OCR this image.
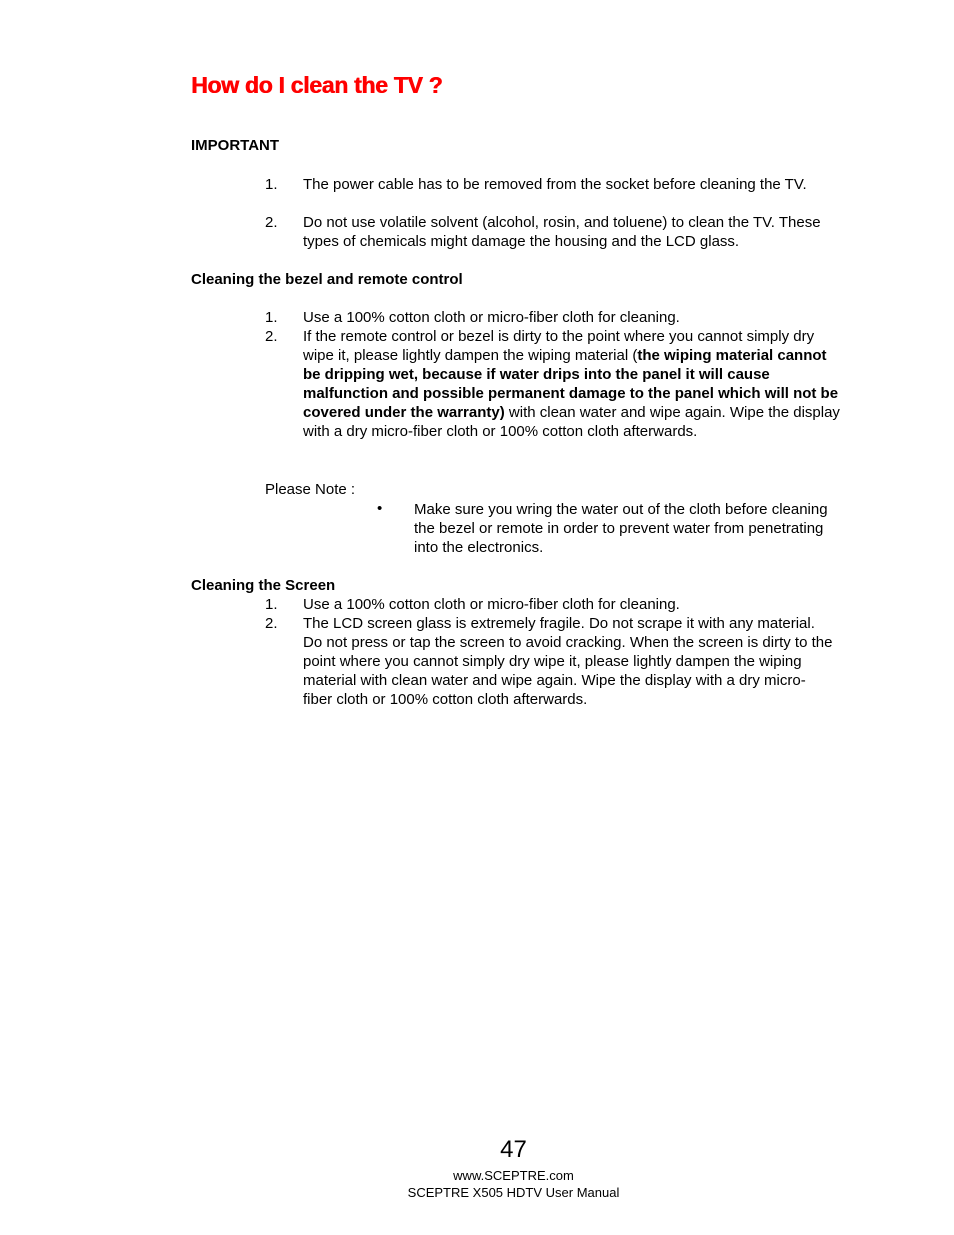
How do I clean the TV ?
IMPORTANT
1.	The power cable has to be removed from the socket before cleaning the TV.
2.	Do not use volatile solvent (alcohol, rosin, and toluene) to clean the TV. These types of chemicals might damage the housing and the LCD glass.
Cleaning the bezel and remote control
1.	Use a 100% cotton cloth or micro-fiber cloth for cleaning.
2.	If the remote control or bezel is dirty to the point where you cannot simply dry wipe it, please lightly dampen the wiping material (the wiping material cannot be dripping wet, because if water drips into the panel it will cause malfunction and possible permanent damage to the panel which will not be covered under the warranty) with clean water and wipe again. Wipe the display with a dry micro-fiber cloth or 100% cotton cloth afterwards.
Please Note :
• Make sure you wring the water out of the cloth before cleaning the bezel or remote in order to prevent water from penetrating into the electronics.
Cleaning the Screen
1.	Use a 100% cotton cloth or micro-fiber cloth for cleaning.
2.	The LCD screen glass is extremely fragile. Do not scrape it with any material. Do not press or tap the screen to avoid cracking. When the screen is dirty to the point where you cannot simply dry wipe it, please lightly dampen the wiping material with clean water and wipe again. Wipe the display with a dry micro-fiber cloth or 100% cotton cloth afterwards.
47
www.SCEPTRE.com
SCEPTRE X505 HDTV User Manual
